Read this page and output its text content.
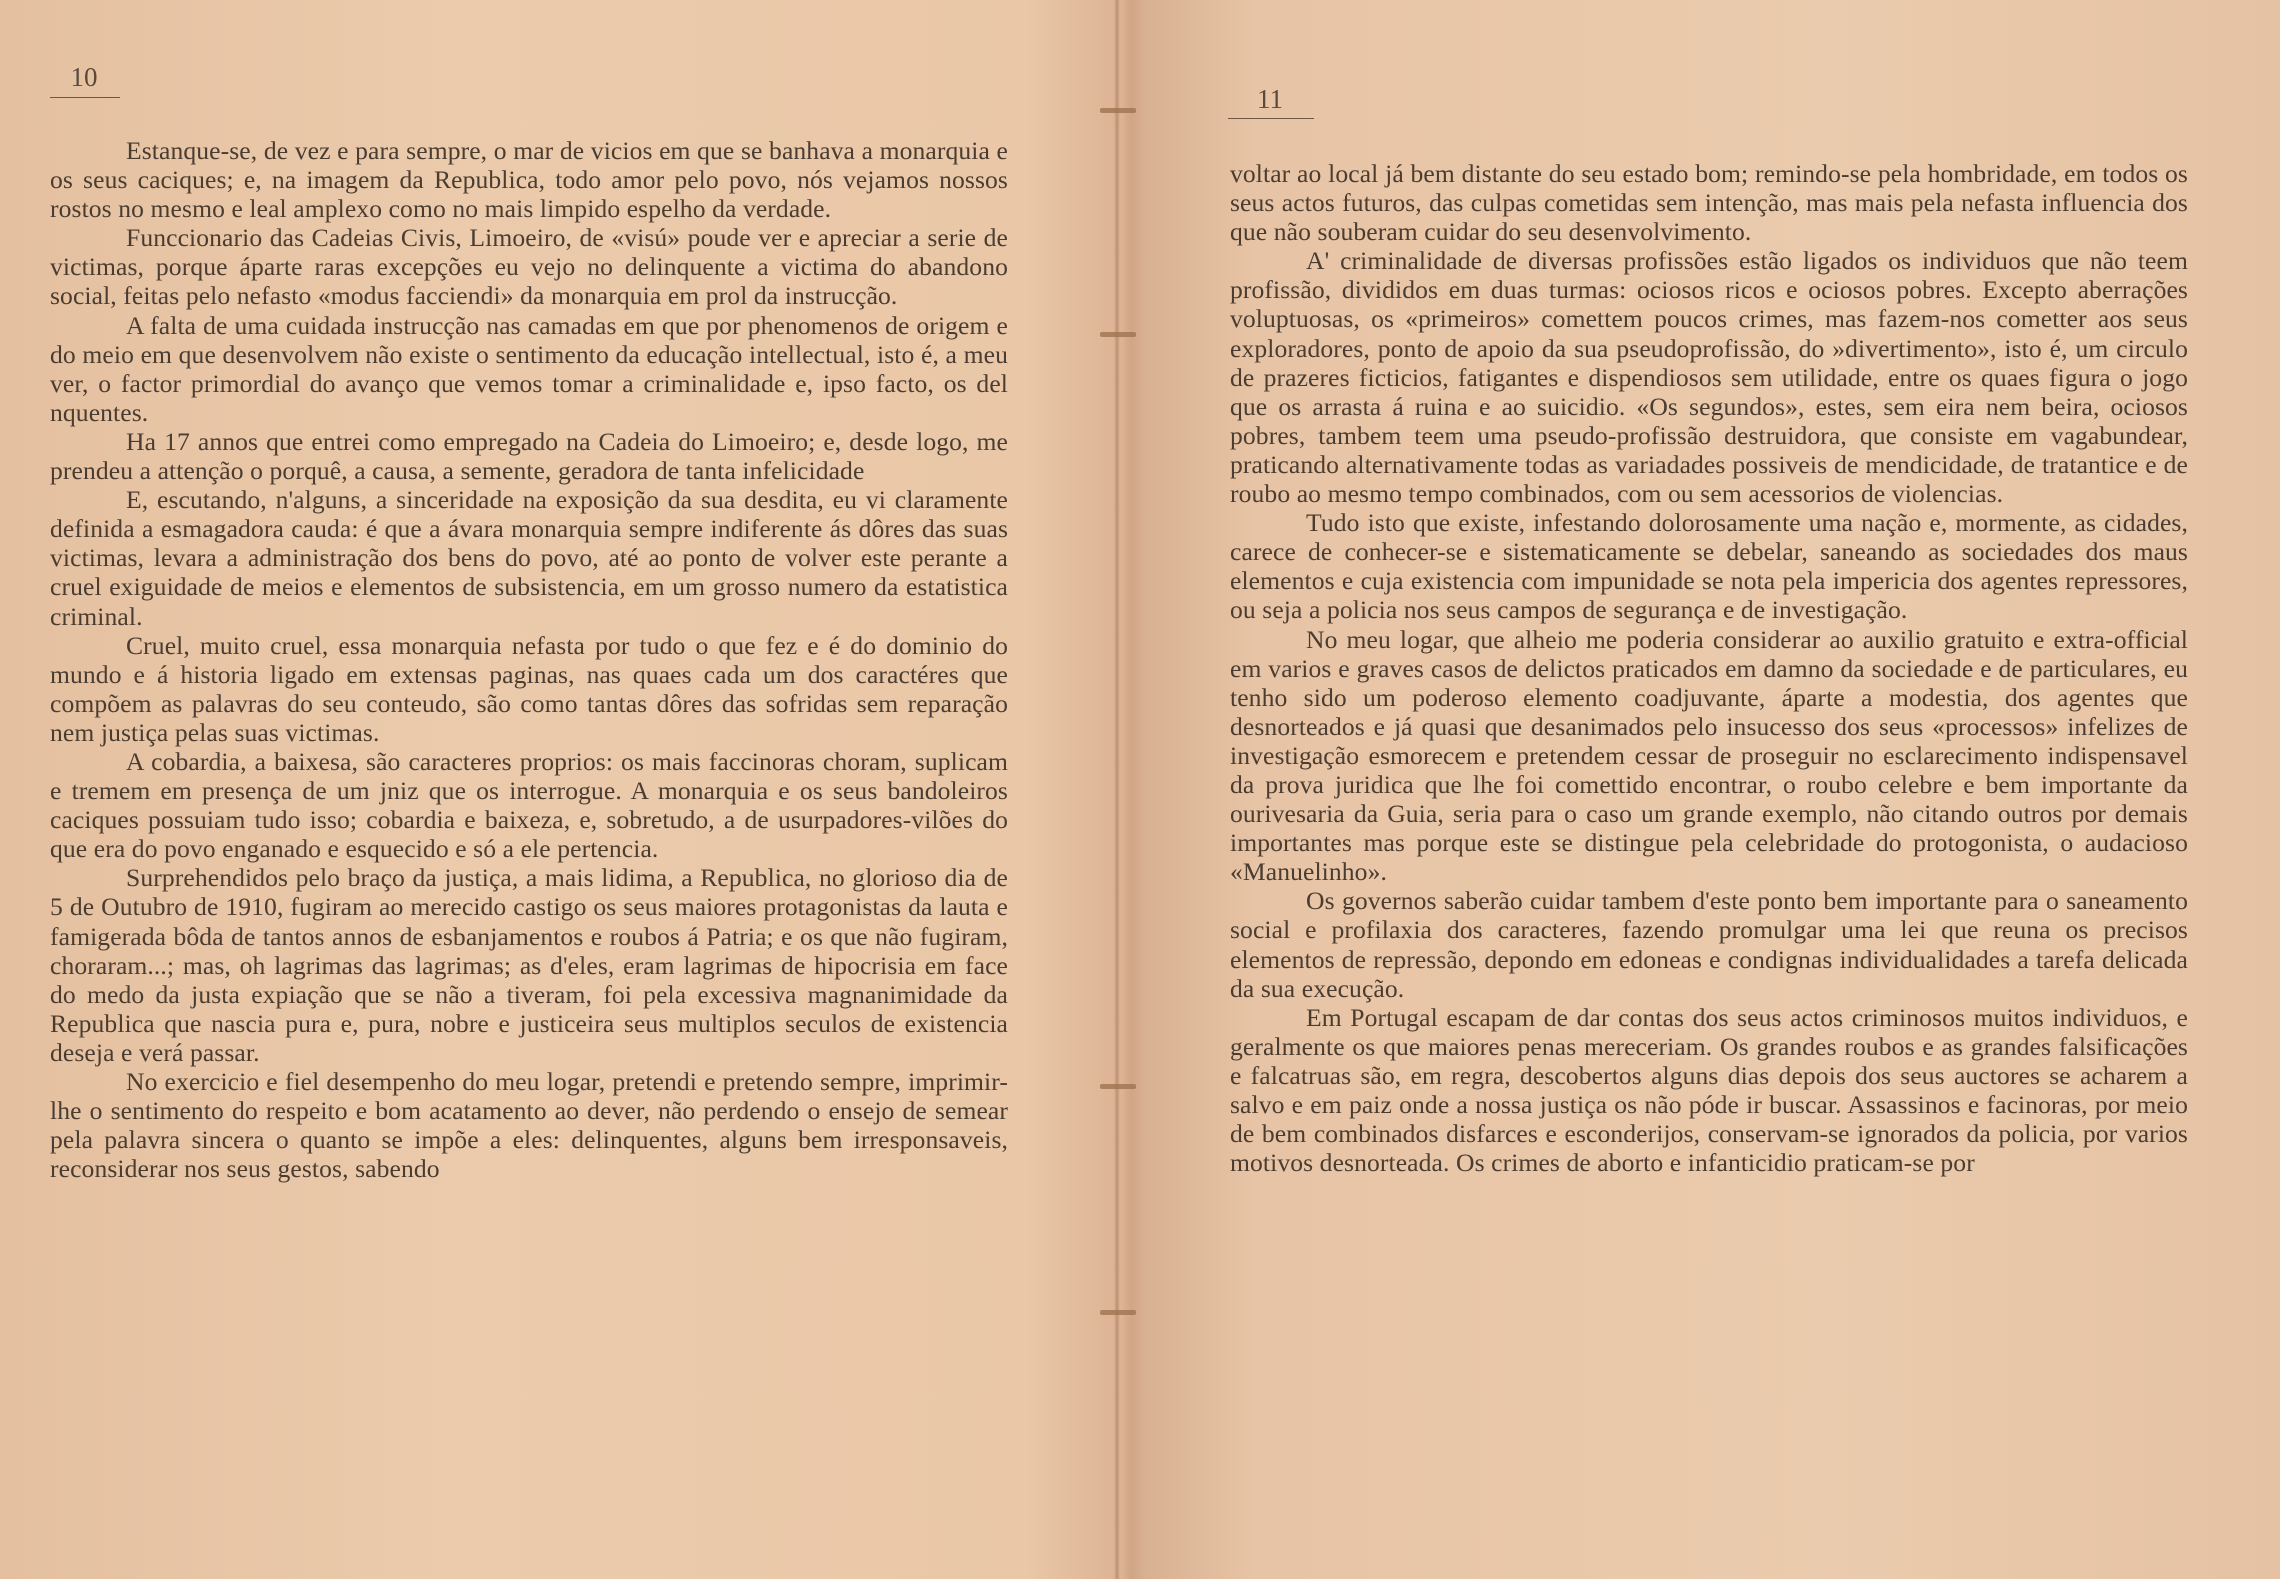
10

Estanque-se, de vez e para sempre, o mar de vicios em que se banhava a monarquia e os seus caciques; e, na imagem da Republica, todo amor pelo povo, nós vejamos nossos rostos no mesmo e leal amplexo como no mais limpido espelho da verdade.

Funccionario das Cadeias Civis, Limoeiro, de «visú» poude ver e apreciar a serie de victimas, porque áparte raras excepções eu vejo no delinquente a victima do abandono social, feitas pelo nefasto «modus facciendi» da monarquia em prol da instrucção.

A falta de uma cuidada instrucção nas camadas em que por phenomenos de origem e do meio em que desenvolvem não existe o sentimento da educação intellectual, isto é, a meu ver, o factor primordial do avanço que vemos tomar a criminalidade e, ipso facto, os del nquentes.

Ha 17 annos que entrei como empregado na Cadeia do Limoeiro; e, desde logo, me prendeu a attenção o porquê, a causa, a semente, geradora de tanta infelicidade

E, escutando, n'alguns, a sinceridade na exposição da sua desdita, eu vi claramente definida a esmagadora cauda: é que a ávara monarquia sempre indiferente ás dôres das suas victimas, levara a administração dos bens do povo, até ao ponto de volver este perante a cruel exiguidade de meios e elementos de subsistencia, em um grosso numero da estatistica criminal.

Cruel, muito cruel, essa monarquia nefasta por tudo o que fez e é do dominio do mundo e á historia ligado em extensas paginas, nas quaes cada um dos caractéres que compõem as palavras do seu conteudo, são como tantas dôres das sofridas sem reparação nem justiça pelas suas victimas.

A cobardia, a baixesa, são caracteres proprios: os mais faccinoras choram, suplicam e tremem em presença de um jniz que os interrogue. A monarquia e os seus bandoleiros caciques possuiam tudo isso; cobardia e baixeza, e, sobretudo, a de usurpadores-vilões do que era do povo enganado e esquecido e só a ele pertencia.

Surprehendidos pelo braço da justiça, a mais lidima, a Republica, no glorioso dia de 5 de Outubro de 1910, fugiram ao merecido castigo os seus maiores protagonistas da lauta e famigerada bôda de tantos annos de esbanjamentos e roubos á Patria; e os que não fugiram, choraram...; mas, oh lagrimas das lagrimas; as d'eles, eram lagrimas de hipocrisia em face do medo da justa expiação que se não a tiveram, foi pela excessiva magnanimidade da Republica que nascia pura e, pura, nobre e justiceira seus multiplos seculos de existencia deseja e verá passar.

No exercicio e fiel desempenho do meu logar, pretendi e pretendo sempre, imprimir-lhe o sentimento do respeito e bom acatamento ao dever, não perdendo o ensejo de semear pela palavra sincera o quanto se impõe a eles: delinquentes, alguns bem irresponsaveis, reconsiderar nos seus gestos, sabendo

11

voltar ao local já bem distante do seu estado bom; remindo-se pela hombridade, em todos os seus actos futuros, das culpas cometidas sem intenção, mas mais pela nefasta influencia dos que não souberam cuidar do seu desenvolvimento.

A' criminalidade de diversas profissões estão ligados os individuos que não teem profissão, divididos em duas turmas: ociosos ricos e ociosos pobres. Excepto aberrações voluptuosas, os «primeiros» comettem poucos crimes, mas fazem-nos cometter aos seus exploradores, ponto de apoio da sua pseudoprofissão, do »divertimento», isto é, um circulo de prazeres ficticios, fatigantes e dispendiosos sem utilidade, entre os quaes figura o jogo que os arrasta á ruina e ao suicidio. «Os segundos», estes, sem eira nem beira, ociosos pobres, tambem teem uma pseudo-profissão destruidora, que consiste em vagabundear, praticando alternativamente todas as variadades possiveis de mendicidade, de tratantice e de roubo ao mesmo tempo combinados, com ou sem acessorios de violencias.

Tudo isto que existe, infestando dolorosamente uma nação e, mormente, as cidades, carece de conhecer-se e sistematicamente se debelar, saneando as sociedades dos maus elementos e cuja existencia com impunidade se nota pela impericia dos agentes repressores, ou seja a policia nos seus campos de segurança e de investigação.

No meu logar, que alheio me poderia considerar ao auxilio gratuito e extra-official em varios e graves casos de delictos praticados em damno da sociedade e de particulares, eu tenho sido um poderoso elemento coadjuvante, áparte a modestia, dos agentes que desnorteados e já quasi que desanimados pelo insucesso dos seus «processos» infelizes de investigação esmorecem e pretendem cessar de proseguir no esclarecimento indispensavel da prova juridica que lhe foi comettido encontrar, o roubo celebre e bem importante da ourivesaria da Guia, seria para o caso um grande exemplo, não citando outros por demais importantes mas porque este se distingue pela celebridade do protogonista, o audacioso «Manuelinho».

Os governos saberão cuidar tambem d'este ponto bem importante para o saneamento social e profilaxia dos caracteres, fazendo promulgar uma lei que reuna os precisos elementos de repressão, depondo em edoneas e condignas individualidades a tarefa delicada da sua execução.

Em Portugal escapam de dar contas dos seus actos criminosos muitos individuos, e geralmente os que maiores penas mereceriam. Os grandes roubos e as grandes falsificações e falcatruas são, em regra, descobertos alguns dias depois dos seus auctores se acharem a salvo e em paiz onde a nossa justiça os não póde ir buscar. Assassinos e facinoras, por meio de bem combinados disfarces e esconderijos, conservam-se ignorados da policia, por varios motivos desnorteada. Os crimes de aborto e infanticidio praticam-se por
